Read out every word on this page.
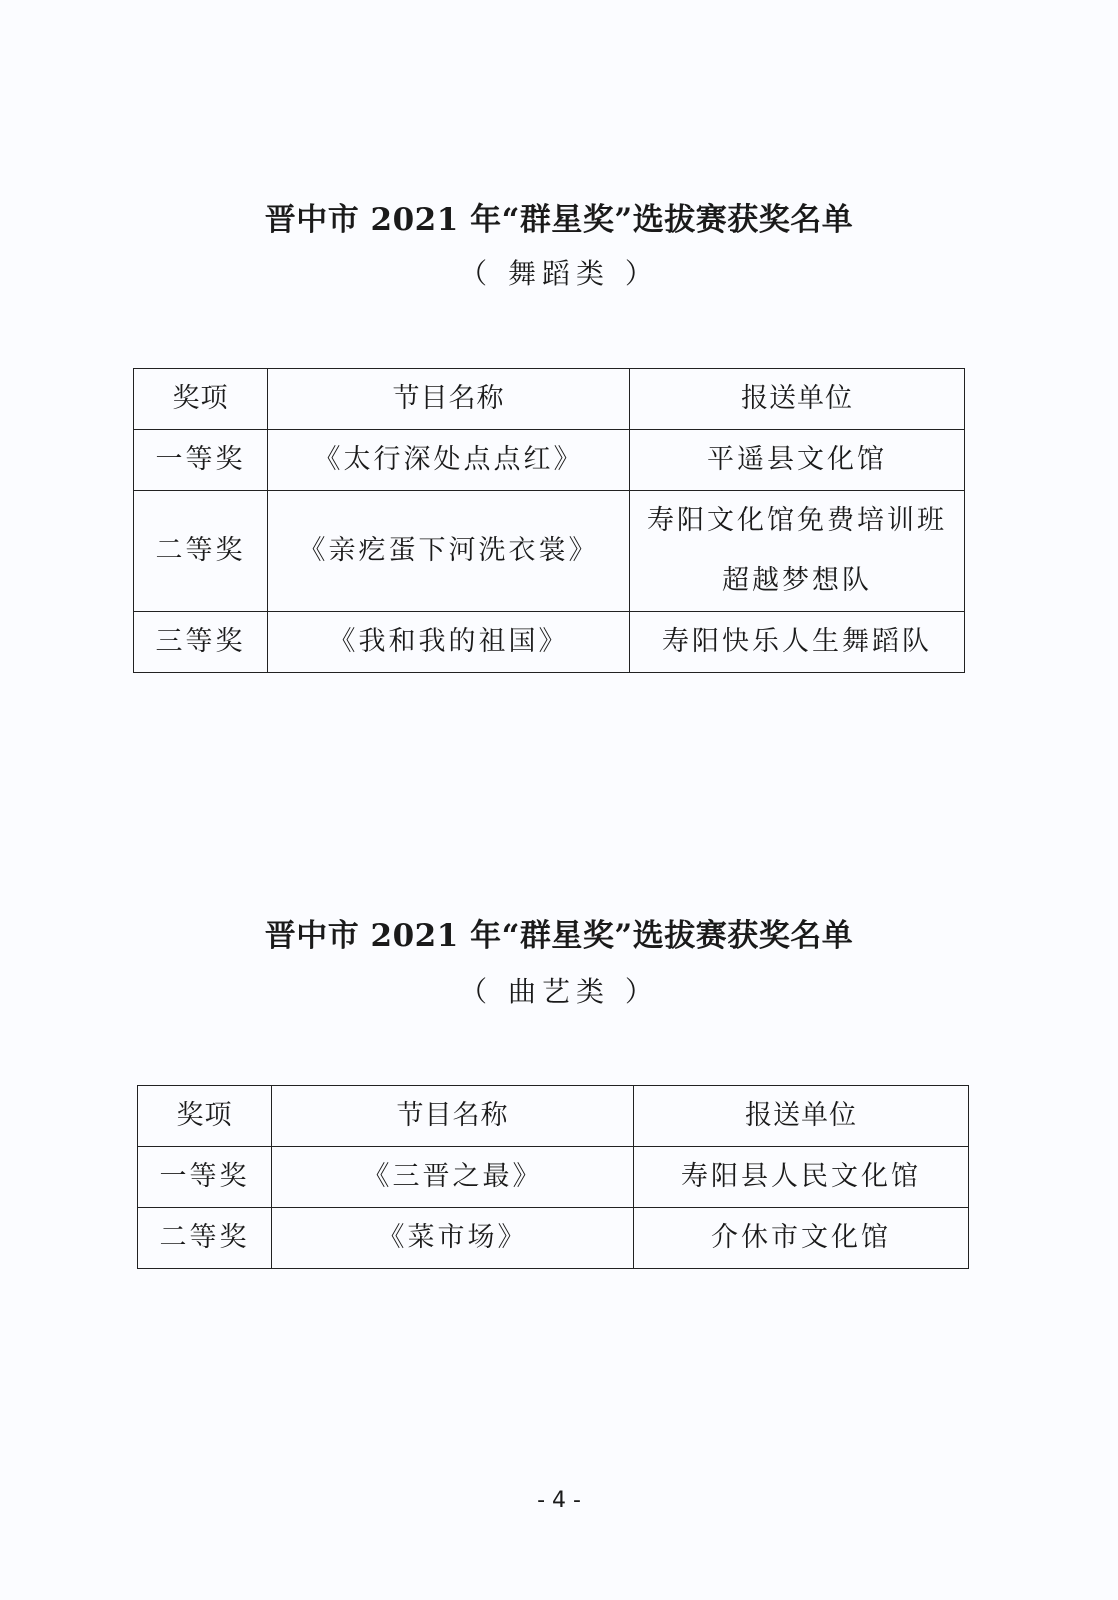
晋中市 2021 年“群星奖”选拔赛获奖名单
（ 舞蹈类 ）
奖项	节目名称	报送单位
一等奖	《太行深处点点红》	平遥县文化馆
二等奖	《亲疙蛋下河洗衣裳》	寿阳文化馆免费培训班
超越梦想队

三等奖	《我和我的祖国》	寿阳快乐人生舞蹈队
晋中市 2021 年“群星奖”选拔赛获奖名单
（ 曲艺类 ）
奖项	节目名称	报送单位
一等奖	《三晋之最》	寿阳县人民文化馆
二等奖	《菜市场》	介休市文化馆
- 4 -
